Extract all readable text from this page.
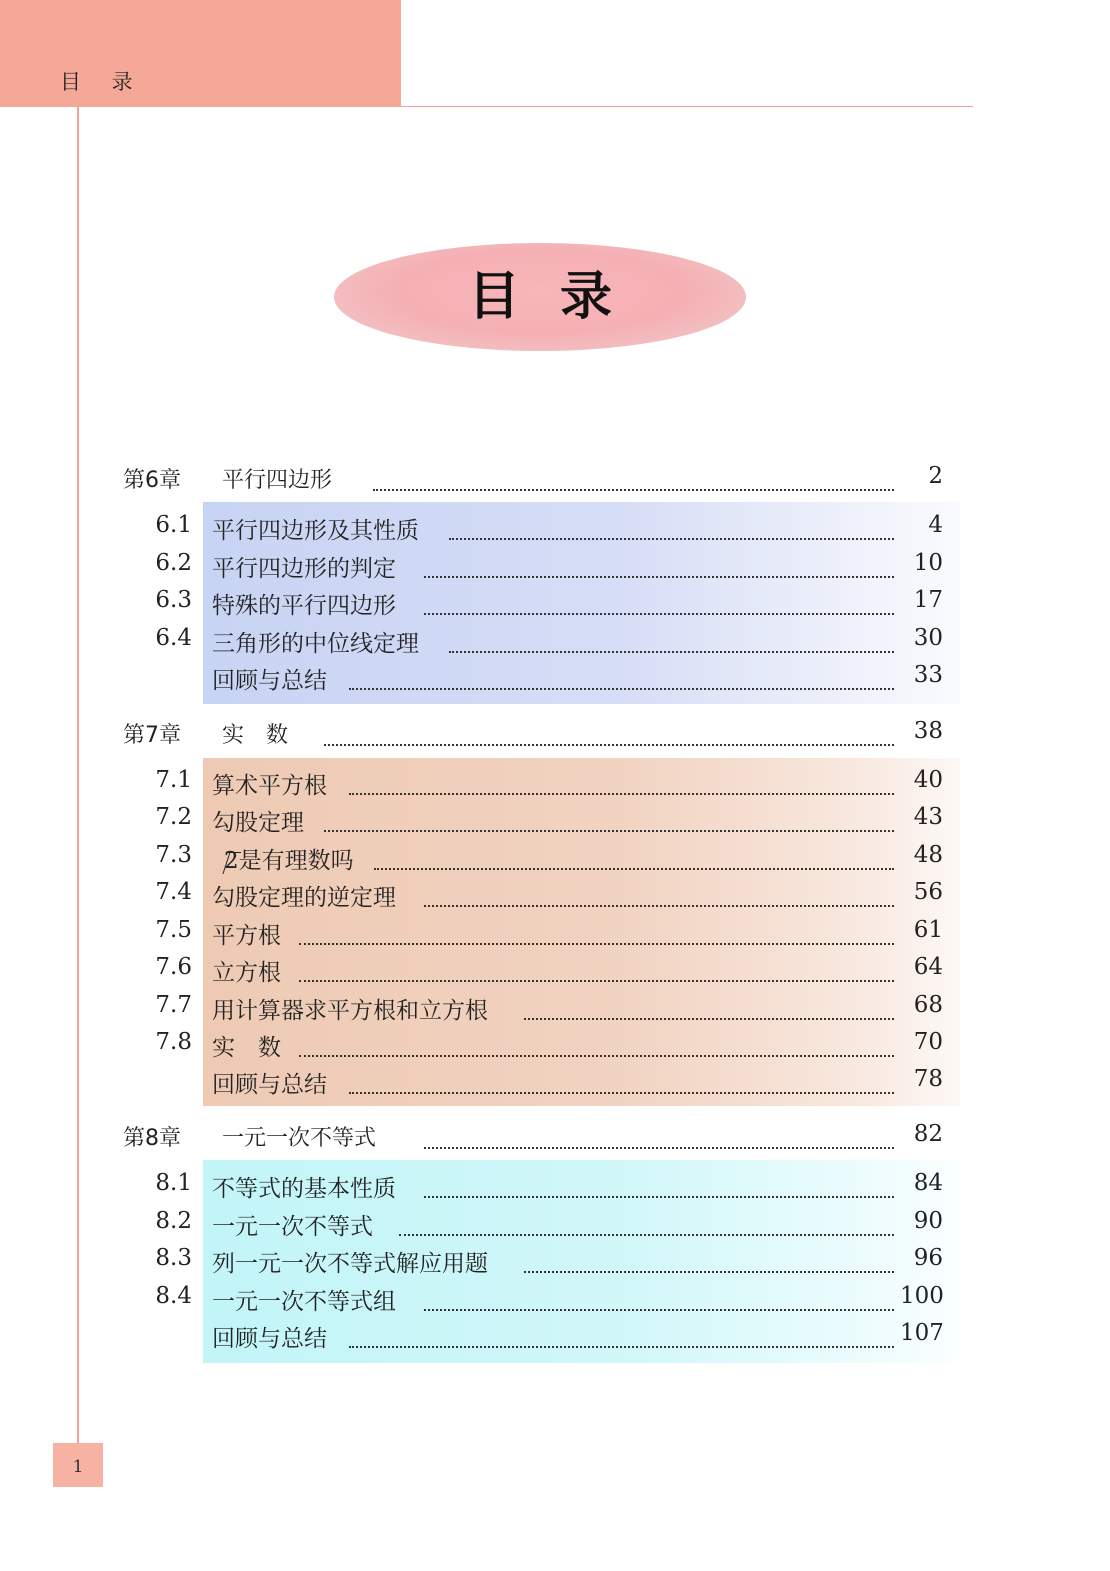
目 录
目录
第6章 平行四边形	2
6.1 平行四边形及其性质	4
6.2 平行四边形的判定	10
6.3 特殊的平行四边形	17
6.4 三角形的中位线定理	30
回顾与总结	33
第7章 实　数	38
7.1 算术平方根	40
7.2 勾股定理	43
7.3	2是有理数吗	48
7.4 勾股定理的逆定理	56
7.5 平方根	61
7.6 立方根	64
7.7 用计算器求平方根和立方根	68
7.8 实　数	70
回顾与总结	78
第8章 一元一次不等式	82
8.1 不等式的基本性质	84
8.2 一元一次不等式	90
8.3 列一元一次不等式解应用题	96
8.4 一元一次不等式组	100
回顾与总结	107
1
